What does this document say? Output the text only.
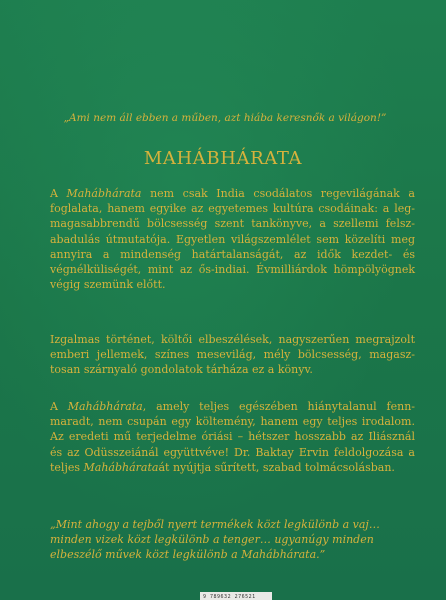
„Ami nem áll ebben a műben, azt hiába keresnők a világon!”
MAHÁBHÁRATA
A Mahábhárata nem csak India csodálatos regevilágának a foglalata, hanem egyike az egyetemes kultúra csodáinak: a legmagasabbrendű bölcsesség szent tankönyve, a szellemi felszabadulás útmutatója. Egyetlen világszemlélet sem közelíti meg annyira a mindenség határtalanságát, az idők kezdet- és végnélküliségét, mint az ős-indiai. Évmilliárdok hömpölyögnek végig szemünk előtt.
Izgalmas történet, költői elbeszélések, nagyszerűen megrajzolt emberi jellemek, színes mesevilág, mély bölcsesség, magasztosan szárnyaló gondolatok tárháza ez a könyv.
A Mahábhárata, amely teljes egészében hiánytalanul fennmaradt, nem csupán egy költemény, hanem egy teljes irodalom. Az eredeti mű terjedelme óriási – hétszer hosszabb az Iliásznál és az Odüsszeiánál együttvéve! Dr. Baktay Ervin feldolgozása a teljes Mahábhárataát nyújtja sűrített, szabad tolmácsolásban.
„Mint ahogy a tejből nyert termékek közt legkülönb a vaj… minden vizek közt legkülönb a tenger… ugyanúgy minden elbeszélő művek közt legkülönb a Mahábhárata.”
9 789632 276521
